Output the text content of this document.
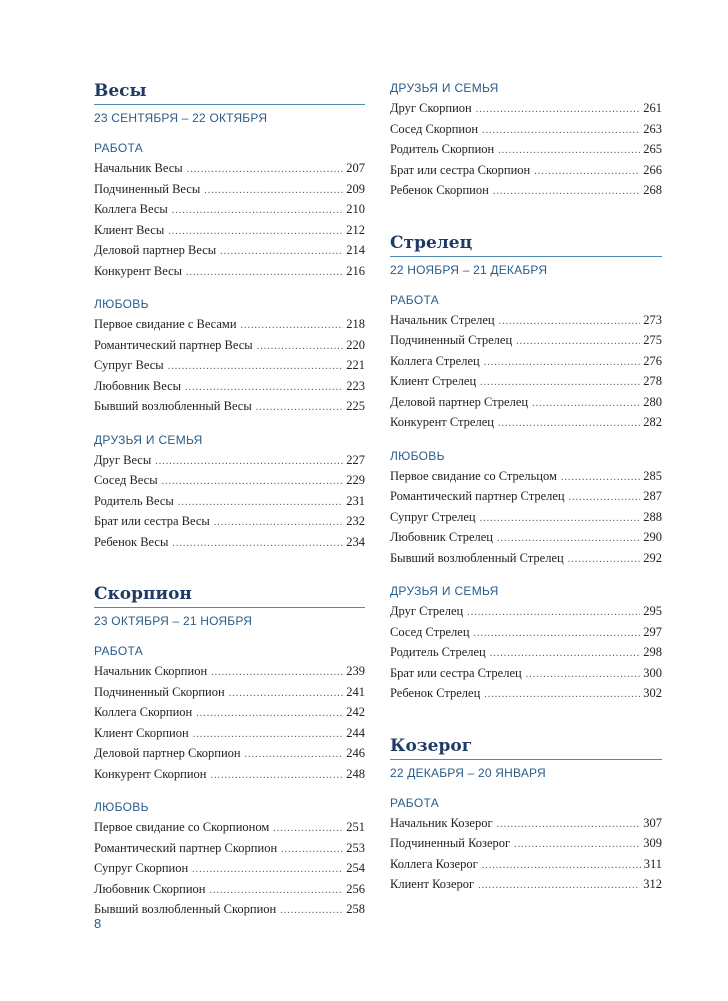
Весы
23 СЕНТЯБРЯ – 22 ОКТЯБРЯ
РАБОТА
Начальник Весы .....	207
Подчиненный Весы .....	209
Коллега Весы .....	210
Клиент Весы .....	212
Деловой партнер Весы .....	214
Конкурент Весы .....	216
ЛЮБОВЬ
Первое свидание с Весами .....	218
Романтический партнер Весы .....	220
Супруг Весы .....	221
Любовник Весы .....	223
Бывший возлюбленный Весы .....	225
ДРУЗЬЯ И СЕМЬЯ
Друг Весы .....	227
Сосед Весы .....	229
Родитель Весы .....	231
Брат или сестра Весы .....	232
Ребенок Весы .....	234
Скорпион
23 ОКТЯБРЯ – 21 НОЯБРЯ
РАБОТА
Начальник Скорпион .....	239
Подчиненный Скорпион .....	241
Коллега Скорпион .....	242
Клиент Скорпион .....	244
Деловой партнер Скорпион .....	246
Конкурент Скорпион .....	248
ЛЮБОВЬ
Первое свидание со Скорпионом .....	251
Романтический партнер Скорпион .....	253
Супруг Скорпион .....	254
Любовник Скорпион .....	256
Бывший возлюбленный Скорпион .....	258
ДРУЗЬЯ И СЕМЬЯ
Друг Скорпион .....	261
Сосед Скорпион .....	263
Родитель Скорпион .....	265
Брат или сестра Скорпион .....	266
Ребенок Скорпион .....	268
Стрелец
22 НОЯБРЯ – 21 ДЕКАБРЯ
РАБОТА
Начальник Стрелец .....	273
Подчиненный Стрелец .....	275
Коллега Стрелец .....	276
Клиент Стрелец .....	278
Деловой партнер Стрелец .....	280
Конкурент Стрелец .....	282
ЛЮБОВЬ
Первое свидание со Стрельцом .....	285
Романтический партнер Стрелец .....	287
Супруг Стрелец .....	288
Любовник Стрелец .....	290
Бывший возлюбленный Стрелец .....	292
ДРУЗЬЯ И СЕМЬЯ
Друг Стрелец .....	295
Сосед Стрелец .....	297
Родитель Стрелец .....	298
Брат или сестра Стрелец .....	300
Ребенок Стрелец .....	302
Козерог
22 ДЕКАБРЯ – 20 ЯНВАРЯ
РАБОТА
Начальник Козерог .....	307
Подчиненный Козерог .....	309
Коллега Козерог .....	311
Клиент Козерог .....	312
8
